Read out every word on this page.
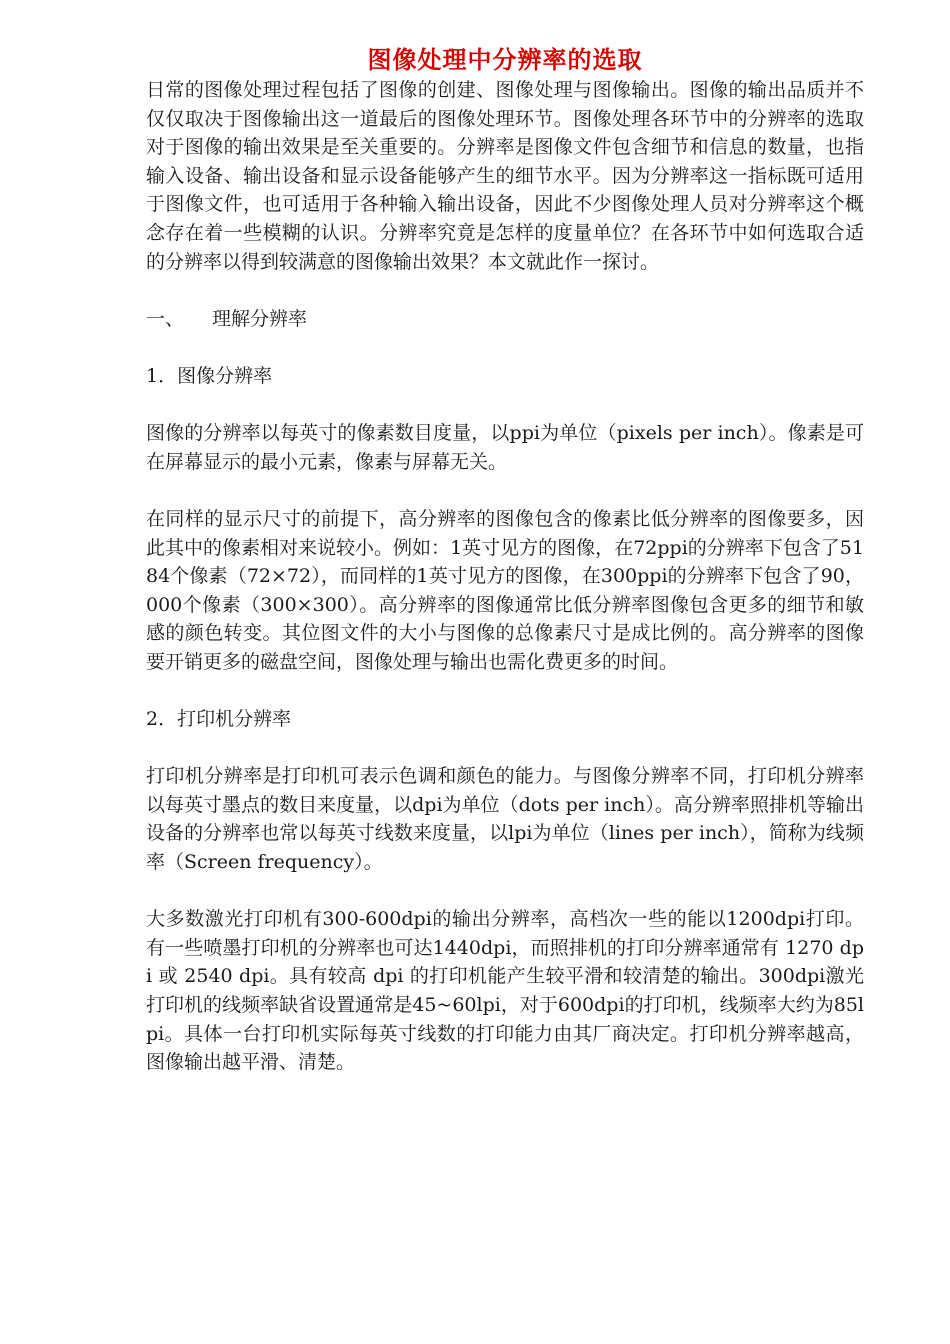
图像处理中分辨率的选取

日常的图像处理过程包括了图像的创建、图像处理与图像输出。图像的输出品质并不仅仅取决于图像输出这一道最后的图像处理环节。图像处理各环节中的分辨率的选取对于图像的输出效果是至关重要的。分辨率是图像文件包含细节和信息的数量，也指输入设备、输出设备和显示设备能够产生的细节水平。因为分辨率这一指标既可适用于图像文件，也可适用于各种输入输出设备，因此不少图像处理人员对分辨率这个概念存在着一些模糊的认识。分辨率究竟是怎样的度量单位？在各环节中如何选取合适的分辨率以得到较满意的图像输出效果？本文就此作一探讨。

一、 理解分辨率

1．图像分辨率

图像的分辨率以每英寸的像素数目度量，以ppi为单位（pixels per inch）。像素是可在屏幕显示的最小元素，像素与屏幕无关。

在同样的显示尺寸的前提下，高分辨率的图像包含的像素比低分辨率的图像要多，因此其中的像素相对来说较小。例如：1英寸见方的图像，在72ppi的分辨率下包含了5184个像素（72×72），而同样的1英寸见方的图像，在300ppi的分辨率下包含了90，000个像素（300×300）。高分辨率的图像通常比低分辨率图像包含更多的细节和敏感的颜色转变。其位图文件的大小与图像的总像素尺寸是成比例的。高分辨率的图像要开销更多的磁盘空间，图像处理与输出也需化费更多的时间。

2．打印机分辨率

打印机分辨率是打印机可表示色调和颜色的能力。与图像分辨率不同，打印机分辨率以每英寸墨点的数目来度量，以dpi为单位（dots per inch）。高分辨率照排机等输出设备的分辨率也常以每英寸线数来度量，以lpi为单位（lines per inch），简称为线频率（Screen frequency）。

大多数激光打印机有300-600dpi的输出分辨率，高档次一些的能以1200dpi打印。有一些喷墨打印机的分辨率也可达1440dpi，而照排机的打印分辨率通常有 1270 dpi 或 2540 dpi。具有较高 dpi 的打印机能产生较平滑和较清楚的输出。300dpi激光打印机的线频率缺省设置通常是45~60lpi，对于600dpi的打印机，线频率大约为85lpi。具体一台打印机实际每英寸线数的打印能力由其厂商决定。打印机分辨率越高，图像输出越平滑、清楚。
